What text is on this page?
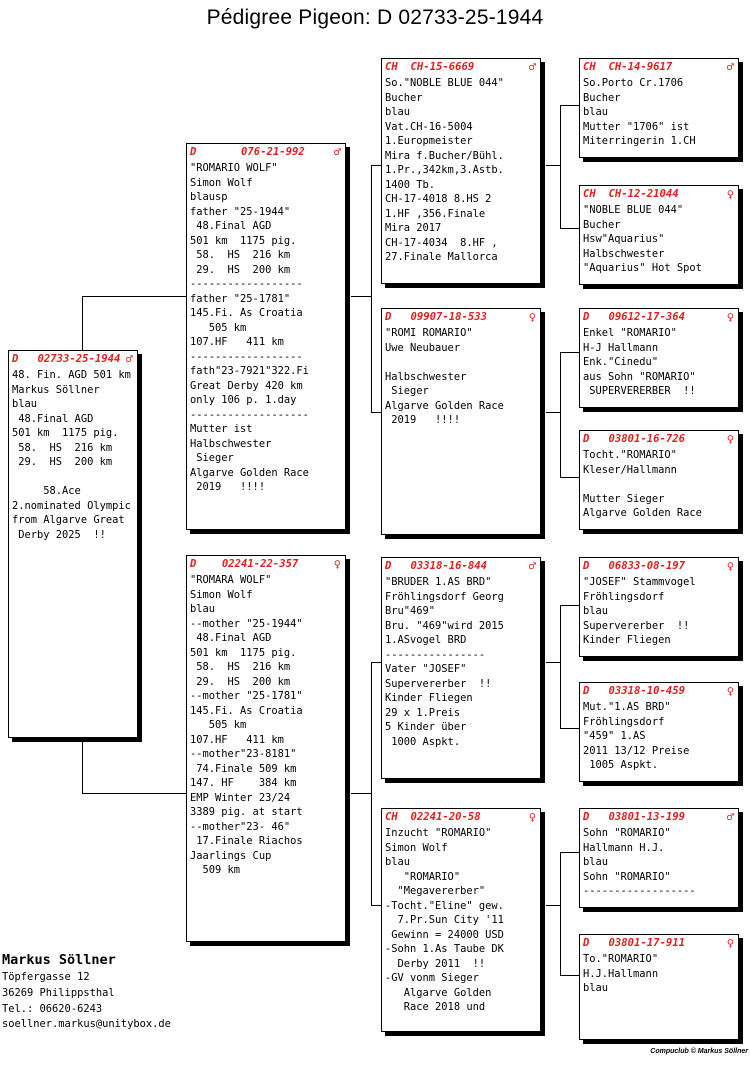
Pédigree Pigeon: D 02733-25-1944
D   02733-25-1944 ♂
48. Fin. AGD 501 km
Markus Söllner
blau
48.Final AGD
501 km  1175 pig.
58.  HS  216 km
29.  HS  200 km

58.Ace
2.nominated Olympic
from Algarve Great
Derby 2025  !!
D       076-21-992 ♂
"ROMARIO WOLF"
Simon Wolf
blausp
father "25-1944"
48.Final AGD
501 km  1175 pig.
58.  HS  216 km
29.  HS  200 km
------------------
father "25-1781"
145.Fi. As Croatia
505 km
107.HF   411 km
------------------
fath"23-7921"322.Fi
Great Derby 420 km
only 106 p. 1.day
-------------------
Mutter ist
Halbschwester
Sieger
Algarve Golden Race
2019   !!!!
D    02241-22-357	♀
"ROMARA WOLF"
Simon Wolf
blau
--mother "25-1944"
48.Final AGD
501 km  1175 pig.
58.  HS  216 km
29.  HS  200 km
--mother "25-1781"
145.Fi. As Croatia
505 km
107.HF   411 km
--mother"23-8181"
74.Finale 509 km
147. HF    384 km
EMP Winter 23/24
3389 pig. at start
--mother"23- 46"
17.Finale Riachos
Jaarlings Cup
509 km
CH  CH-15-6669	♂
So."NOBLE BLUE 044"
Bucher
blau
Vat.CH-16-5004
1.Europmeister
Mira f.Bucher/Bühl.
1.Pr.,342km,3.Astb.
1400 Tb.
CH-17-4018 8.HS 2
1.HF ,356.Finale
Mira 2017
CH-17-4034  8.HF ,
27.Finale Mallorca
D   09907-18-533	♀
"ROMI ROMARIO"
Uwe Neubauer

Halbschwester
Sieger
Algarve Golden Race
2019   !!!!
D   03318-16-844	♂
"BRUDER 1.AS BRD"
Fröhlingsdorf Georg
Bru"469"
Bru. "469"wird 2015
1.ASvogel BRD
----------------
Vater "JOSEF"
Supervererber  !!
Kinder Fliegen
29 x 1.Preis
5 Kinder über
1000 Aspkt.
CH  02241-20-58	♀
Inzucht "ROMARIO"
Simon Wolf
blau
"ROMARIO"
"Megavererber"
-Tocht."Eline" gew.
7.Pr.Sun City '11
Gewinn = 24000 USD
-Sohn 1.As Taube DK
Derby 2011  !!
-GV vonm Sieger
Algarve Golden
Race 2018 und
CH  CH-14-9617	♂
So.Porto Cr.1706
Bucher
blau
Mutter "1706" ist
Miterringerin 1.CH
CH  CH-12-21044	♀
"NOBLE BLUE 044"
Bucher
Hsw"Aquarius"
Halbschwester
"Aquarius" Hot Spot
D   09612-17-364	♀
Enkel "ROMARIO"
H-J Hallmann
Enk."Cinedu"
aus Sohn "ROMARIO"
SUPERVERERBER  !!
D   03801-16-726	♀
Tocht."ROMARIO"
Kleser/Hallmann

Mutter Sieger
Algarve Golden Race
D   06833-08-197	♀
"JOSEF" Stammvogel
Fröhlingsdorf
blau
Supervererber  !!
Kinder Fliegen
D   03318-10-459	♀
Mut."1.AS BRD"
Fröhlingsdorf
"459" 1.AS
2011 13/12 Preise
1005 Aspkt.
D   03801-13-199	♂
Sohn "ROMARIO"
Hallmann H.J.
blau
Sohn "ROMARIO"
------------------
D   03801-17-911	♀
To."ROMARIO"
H.J.Hallmann
blau
Markus Söllner
Töpfergasse 12
36269 Philippsthal
Tel.: 06620-6243
soellner.markus@unitybox.de
Compuclub © Markus Söllner
